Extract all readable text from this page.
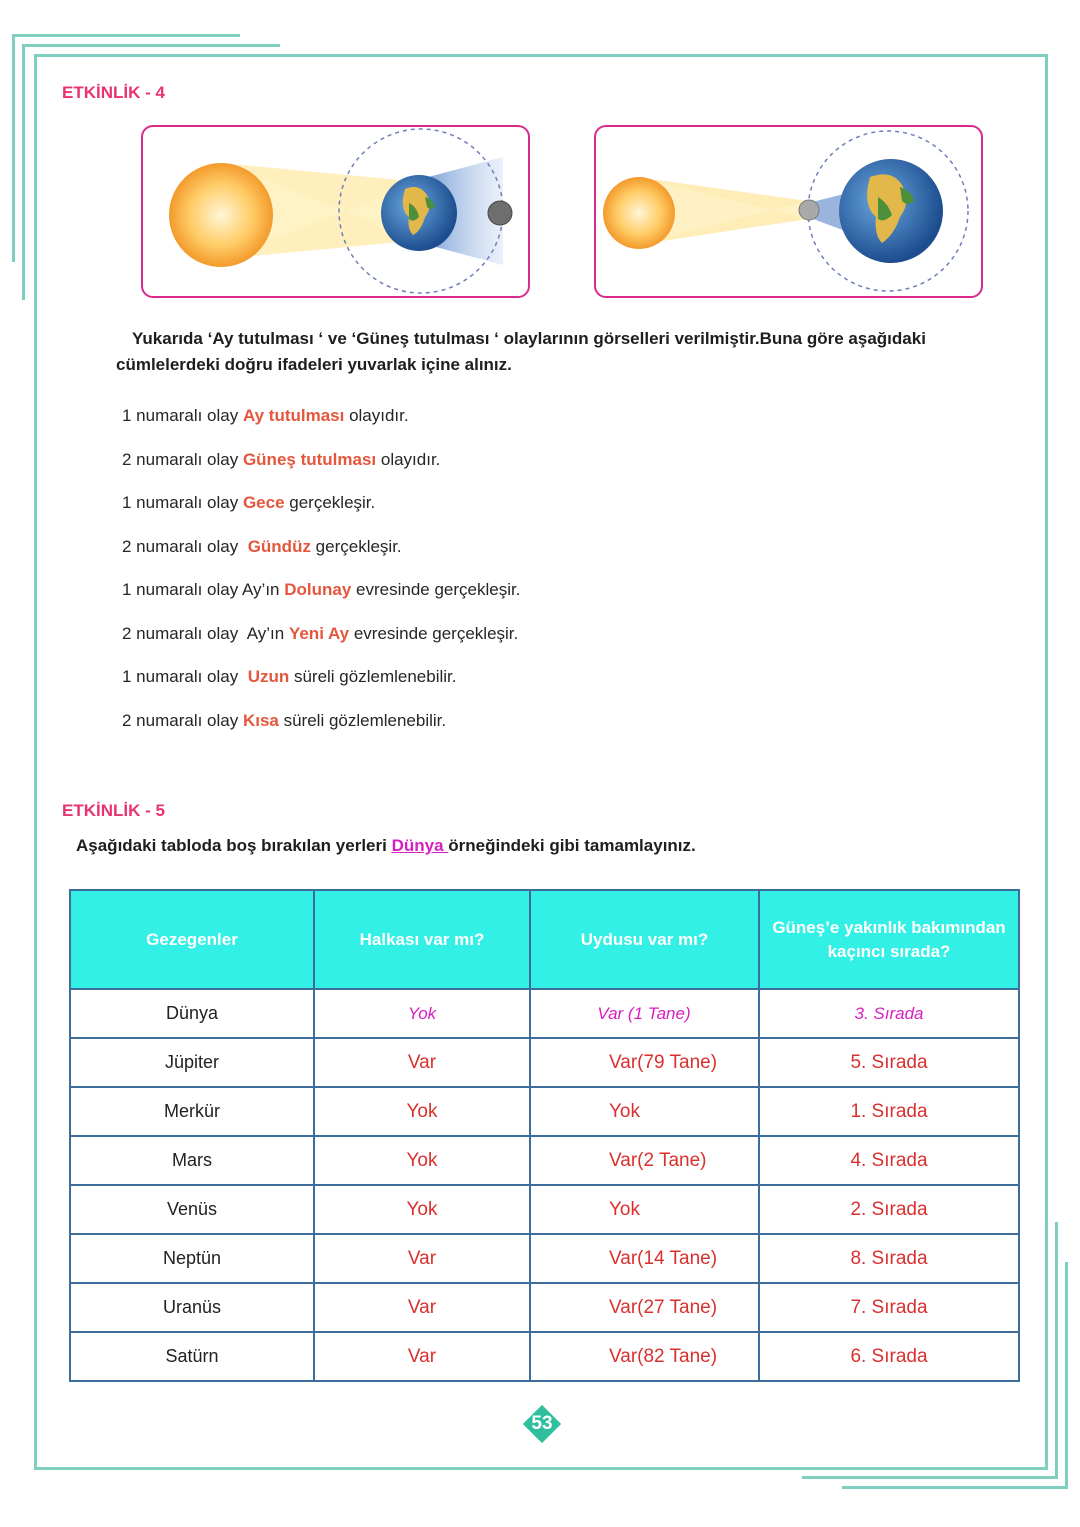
ETKİNLİK - 4
Yukarıda ‘Ay tutulması ‘ ve ‘Güneş tutulması ‘ olaylarının görselleri verilmiştir.Buna göre aşağıdaki
cümlelerdeki doğru ifadeleri yuvarlak içine alınız.
1 numaralı olay Ay tutulması olayıdır.
2 numaralı olay Güneş tutulması olayıdır.
1 numaralı olay Gece gerçekleşir.
2 numaralı olay  Gündüz gerçekleşir.
1 numaralı olay Ay’ın Dolunay evresinde gerçekleşir.
2 numaralı olay  Ay’ın Yeni Ay evresinde gerçekleşir.
1 numaralı olay  Uzun süreli gözlemlenebilir.
2 numaralı olay Kısa süreli gözlemlenebilir.
ETKİNLİK - 5
Aşağıdaki tabloda boş bırakılan yerleri Dünya örneğindeki gibi tamamlayınız.
Gezegenler	Halkası var mı?	Uydusu var mı?	Güneş’e yakınlık bakımından kaçıncı sırada?
Dünya	Yok	Var (1 Tane)	3. Sırada
Jüpiter	Var	Var(79 Tane)	5. Sırada
Merkür	Yok	Yok	1. Sırada
Mars	Yok	Var(2 Tane)	4. Sırada
Venüs	Yok	Yok	2. Sırada
Neptün	Var	Var(14 Tane)	8. Sırada
Uranüs	Var	Var(27 Tane)	7. Sırada
Satürn	Var	Var(82 Tane)	6. Sırada
53
